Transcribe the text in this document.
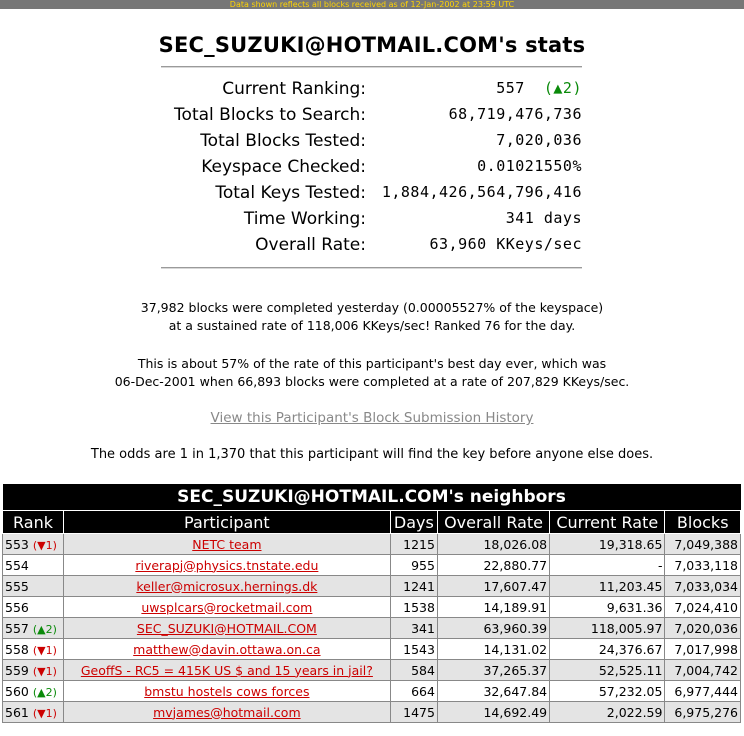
Data shown reflects all blocks received as of 12-Jan-2002 at 23:59 UTC
SEC_SUZUKI@HOTMAIL.COM's stats
Current Ranking:	557 (▲2)
Total Blocks to Search:	68,719,476,736
Total Blocks Tested:	7,020,036
Keyspace Checked:	0.01021550%
Total Keys Tested: 1,884,426,564,796,416
Time Working:	341 days
Overall Rate:	63,960 KKeys/sec
37,982 blocks were completed yesterday (0.00005527% of the keyspace)
at a sustained rate of 118,006 KKeys/sec! Ranked 76 for the day.
This is about 57% of the rate of this participant's best day ever, which was
06-Dec-2001 when 66,893 blocks were completed at a rate of 207,829 KKeys/sec.
View this Participant's Block Submission History
The odds are 1 in 1,370 that this participant will find the key before anyone else does.
SEC_SUZUKI@HOTMAIL.COM's neighbors					
Rank	Participant	Days	Overall Rate	Current Rate	Blocks
553 (▼1)	NETC team	1215	18,026.08	19,318.65	7,049,388
554	riverapj@physics.tnstate.edu	955	22,880.77	-	7,033,118
555	keller@microsux.hernings.dk	1241	17,607.47	11,203.45	7,033,034
556	uwsplcars@rocketmail.com	1538	14,189.91	9,631.36	7,024,410
557 (▲2)	SEC_SUZUKI@HOTMAIL.COM	341	63,960.39	118,005.97	7,020,036
558 (▼1)	matthew@davin.ottawa.on.ca	1543	14,131.02	24,376.67	7,017,998
559 (▼1)	GeoffS - RC5 = 415K US $ and 15 years in jail?	584	37,265.37	52,525.11	7,004,742
560 (▲2)	bmstu hostels cows forces	664	32,647.84	57,232.05	6,977,444
561 (▼1)	mvjames@hotmail.com	1475	14,692.49	2,022.59	6,975,276
